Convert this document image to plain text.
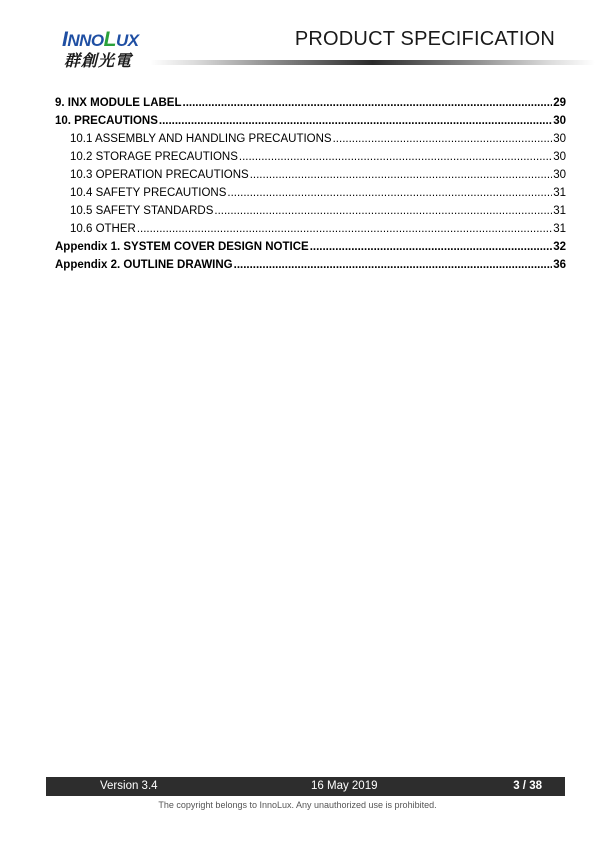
INNOLUX
群創光電
PRODUCT SPECIFICATION
9. INX MODULE LABEL .....	29
10. PRECAUTIONS .....	30
10.1 ASSEMBLY AND HANDLING PRECAUTIONS .....	30
10.2 STORAGE PRECAUTIONS .....	30
10.3 OPERATION PRECAUTIONS .....	30
10.4 SAFETY PRECAUTIONS .....	31
10.5 SAFETY STANDARDS .....	31
10.6 OTHER .....	31
Appendix 1. SYSTEM COVER DESIGN NOTICE .....	32
Appendix 2. OUTLINE DRAWING .....	36
Version 3.4	16 May 2019	3 / 38
The copyright belongs to InnoLux. Any unauthorized use is prohibited.
